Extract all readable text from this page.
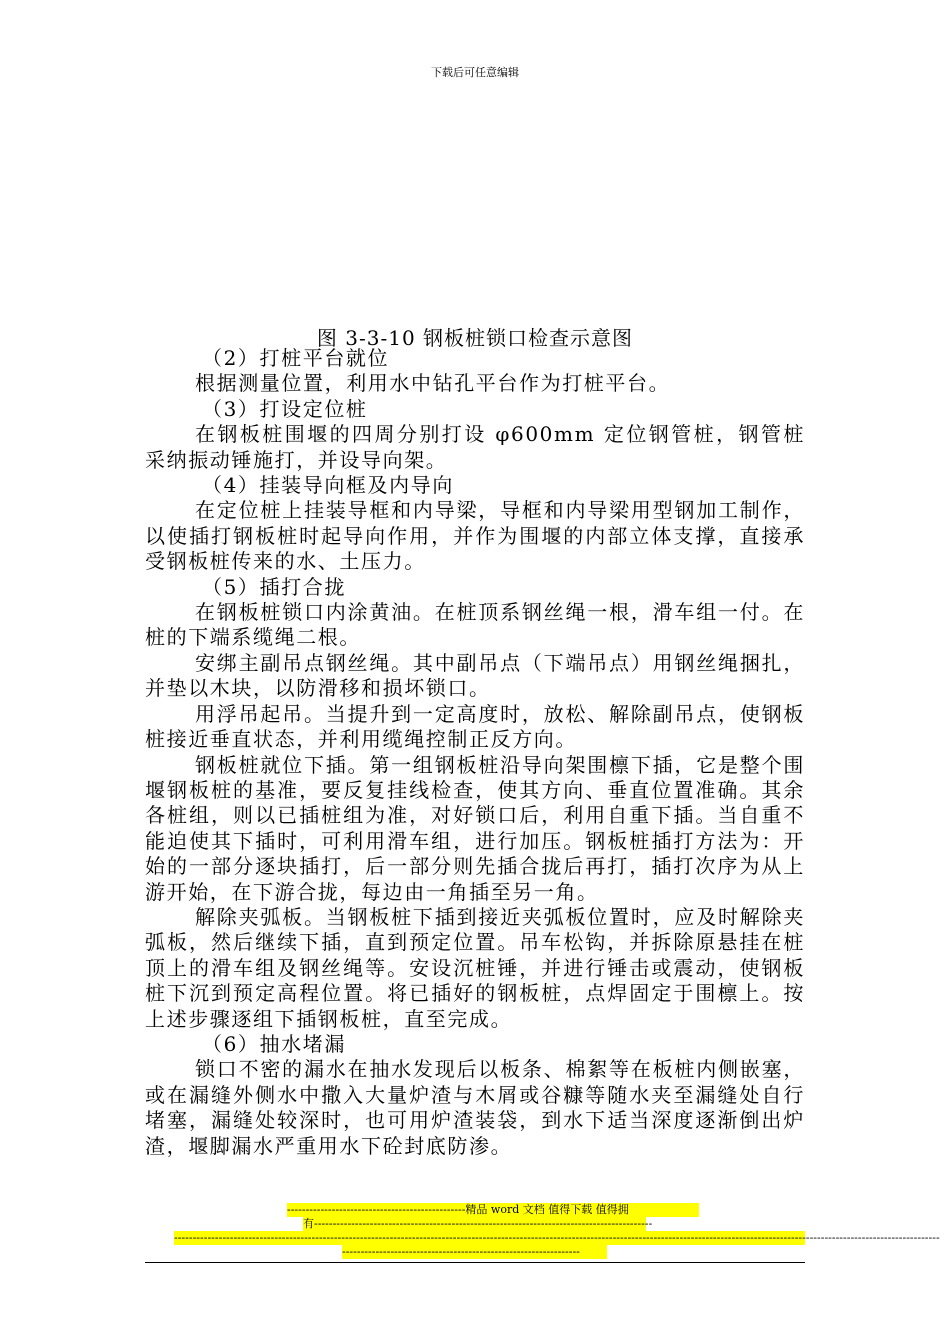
下载后可任意编辑
图 3-3-10 钢板桩锁口检查示意图

（2）打桩平台就位

根据测量位置，利用水中钻孔平台作为打桩平台。

（3）打设定位桩

在钢板桩围堰的四周分别打设 φ600mm 定位钢管桩，钢管桩采纳振动锤施打，并设导向架。

（4）挂装导向框及内导向

在定位桩上挂装导框和内导梁，导框和内导梁用型钢加工制作，以使插打钢板桩时起导向作用，并作为围堰的内部立体支撑，直接承受钢板桩传来的水、土压力。

（5）插打合拢

在钢板桩锁口内涂黄油。在桩顶系钢丝绳一根，滑车组一付。在桩的下端系缆绳二根。

安绑主副吊点钢丝绳。其中副吊点（下端吊点）用钢丝绳捆扎，并垫以木块，以防滑移和损坏锁口。

用浮吊起吊。当提升到一定高度时，放松、解除副吊点，使钢板桩接近垂直状态，并利用缆绳控制正反方向。

钢板桩就位下插。第一组钢板桩沿导向架围檩下插，它是整个围堰钢板桩的基准，要反复挂线检查，使其方向、垂直位置准确。其余各桩组，则以已插桩组为准，对好锁口后，利用自重下插。当自重不能迫使其下插时，可利用滑车组，进行加压。钢板桩插打方法为：开始的一部分逐块插打，后一部分则先插合拢后再打，插打次序为从上游开始，在下游合拢，每边由一角插至另一角。

解除夹弧板。当钢板桩下插到接近夹弧板位置时，应及时解除夹弧板，然后继续下插，直到预定位置。吊车松钩，并拆除原悬挂在桩顶上的滑车组及钢丝绳等。安设沉桩锤，并进行锤击或震动，使钢板桩下沉到预定高程位置。将已插好的钢板桩，点焊固定于围檩上。按上述步骤逐组下插钢板桩，直至完成。

（6）抽水堵漏

锁口不密的漏水在抽水发现后以板条、棉絮等在板桩内侧嵌塞，或在漏缝外侧水中撒入大量炉渣与木屑或谷糠等随水夹至漏缝处自行堵塞，漏缝处较深时，也可用炉渣装袋，到水下适当深度逐渐倒出炉渣，堰脚漏水严重用水下砼封底防渗。

------------------------------------------------精品 word 文档 值得下载 值得拥
有-------------------------------------------------------------------------------------------
--------------------------------------------------------------------------------------------------------------------------------------------------------------------------------------------------------------
----------------------------------------------------------------
